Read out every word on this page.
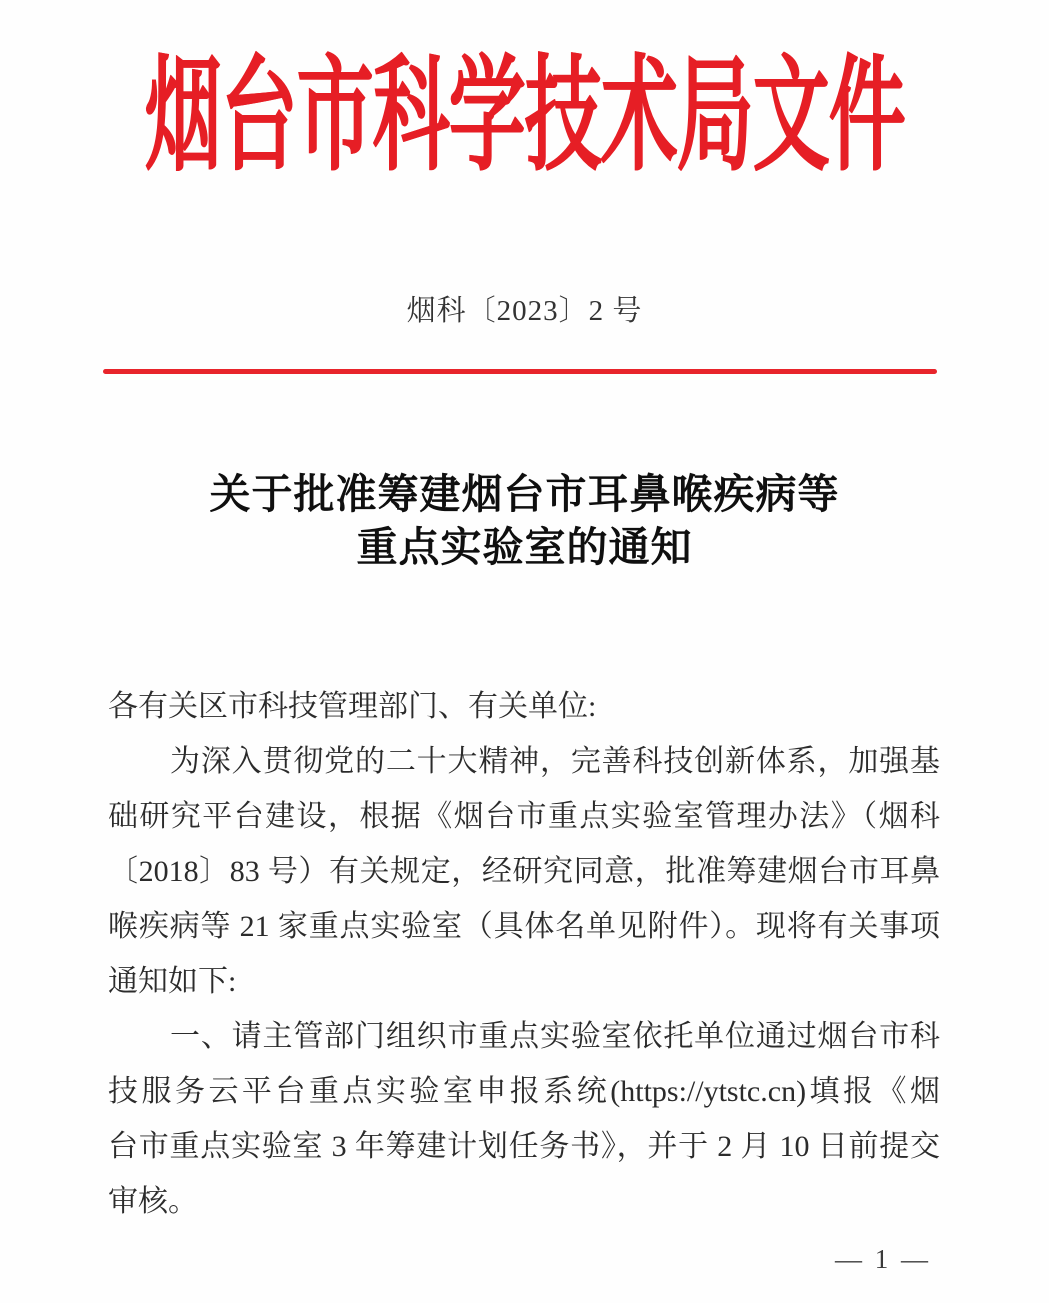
烟台市科学技术局文件
烟科〔2023〕2 号
关于批准筹建烟台市耳鼻喉疾病等
重点实验室的通知
各有关区市科技管理部门、有关单位:
为深入贯彻党的二十大精神，完善科技创新体系，加强基
础研究平台建设，根据《烟台市重点实验室管理办法》（烟科
〔2018〕83 号）有关规定，经研究同意，批准筹建烟台市耳鼻
喉疾病等 21 家重点实验室（具体名单见附件）。现将有关事项
通知如下:
一、请主管部门组织市重点实验室依托单位通过烟台市科
技服务云平台重点实验室申报系统(https://ytstc.cn)填报《烟
台市重点实验室 3 年筹建计划任务书》，并于 2 月 10 日前提交
审核。
— 1 —
